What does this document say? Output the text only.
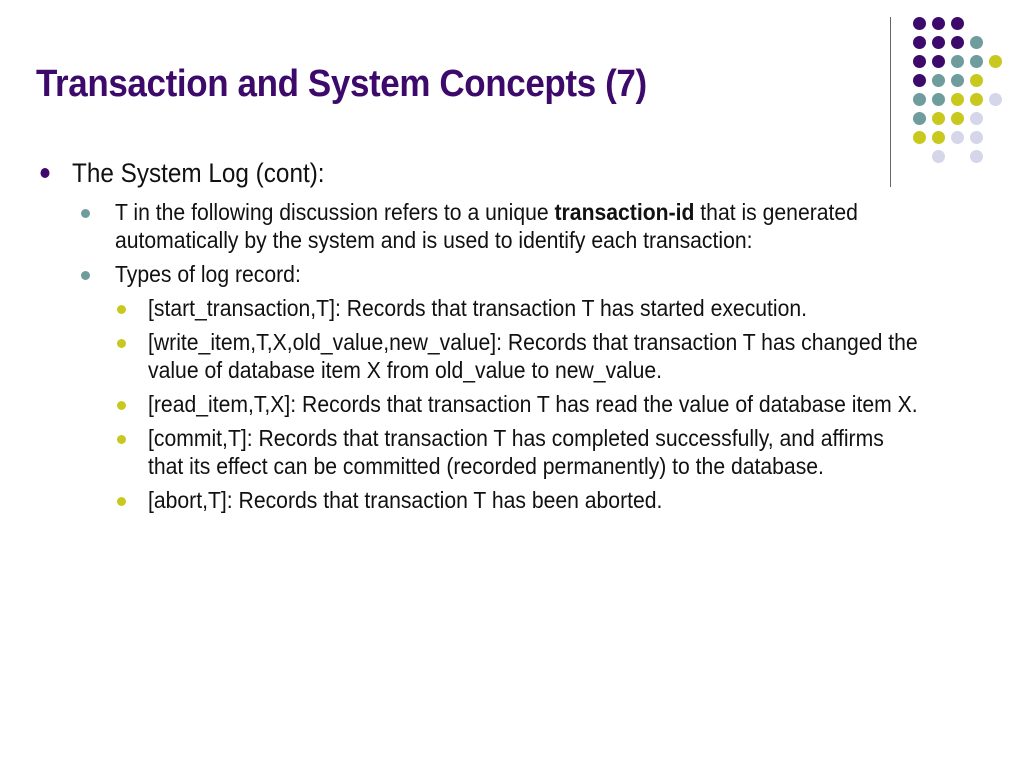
Transaction and System Concepts (7)
The System Log (cont):
T in the following discussion refers to a unique transaction-id that is generated automatically by the system and is used to identify each transaction:
Types of log record:
[start_transaction,T]: Records that transaction T has started execution.
[write_item,T,X,old_value,new_value]: Records that transaction T has changed the value of database item X from old_value to new_value.
[read_item,T,X]: Records that transaction T has read the value of database item X.
[commit,T]: Records that transaction T has completed successfully, and affirms that its effect can be committed (recorded permanently) to the database.
[abort,T]: Records that transaction T has been aborted.
